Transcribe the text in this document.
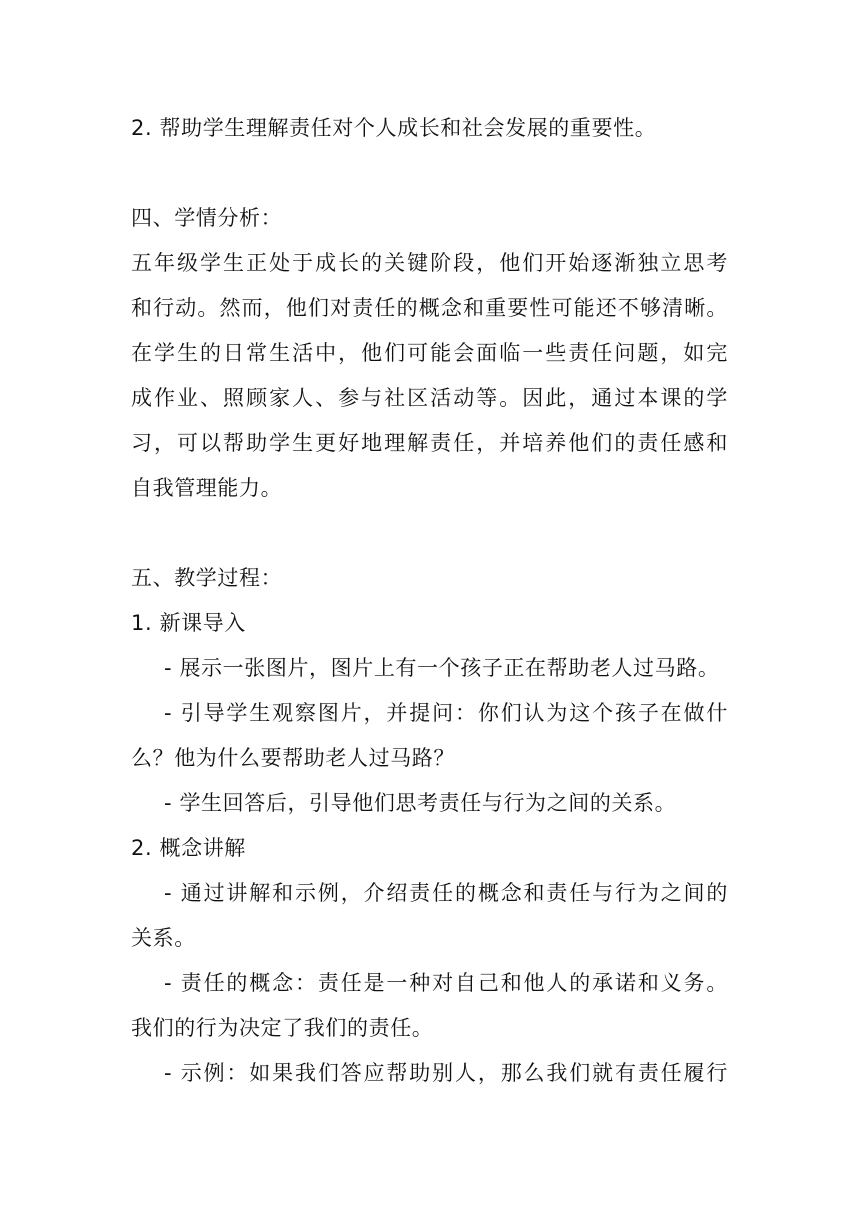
2. 帮助学生理解责任对个人成长和社会发展的重要性。
四、学情分析：
五年级学生正处于成长的关键阶段，他们开始逐渐独立思考
和行动。然而，他们对责任的概念和重要性可能还不够清晰。
在学生的日常生活中，他们可能会面临一些责任问题，如完
成作业、照顾家人、参与社区活动等。因此，通过本课的学
习，可以帮助学生更好地理解责任，并培养他们的责任感和
自我管理能力。
五、教学过程：
1. 新课导入
- 展示一张图片，图片上有一个孩子正在帮助老人过马路。
- 引导学生观察图片，并提问：你们认为这个孩子在做什
么？他为什么要帮助老人过马路？
- 学生回答后，引导他们思考责任与行为之间的关系。
2. 概念讲解
- 通过讲解和示例，介绍责任的概念和责任与行为之间的
关系。
- 责任的概念：责任是一种对自己和他人的承诺和义务。
我们的行为决定了我们的责任。
- 示例：如果我们答应帮助别人，那么我们就有责任履行
